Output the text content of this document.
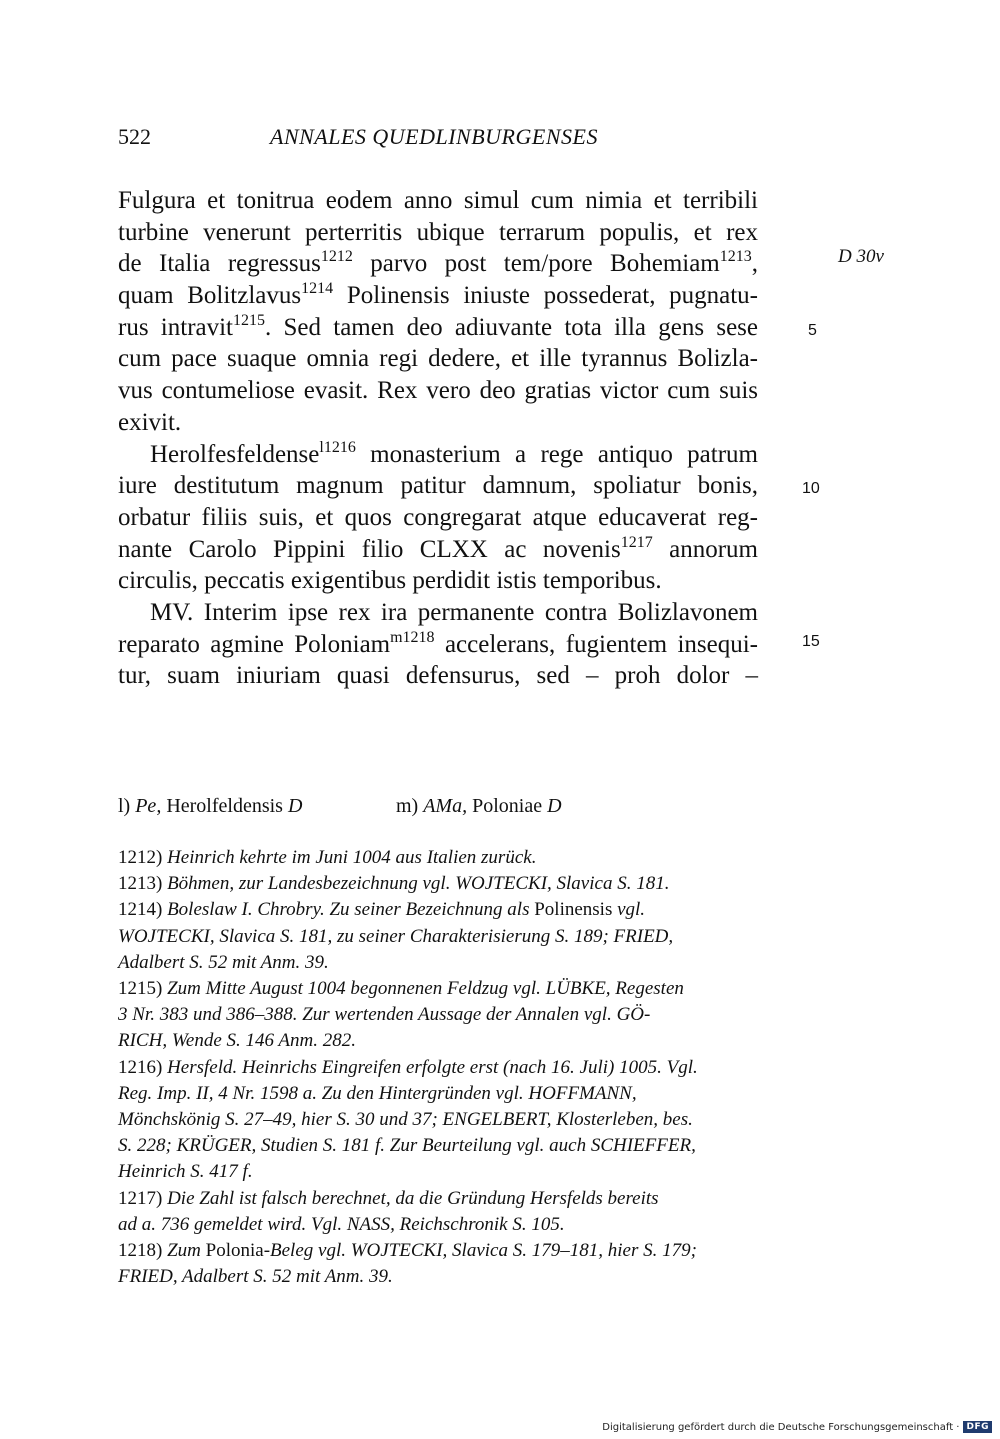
522	ANNALES QUEDLINBURGENSES
D 30v
5
10
15
Fulgura et tonitrua eodem anno simul cum nimia et terribili
turbine venerunt perterritis ubique terrarum populis, et rex
de Italia regressus$^{1212}$ parvo post tem/pore Bohemiam$^{1213}$,
quam Bolitzlavus$^{1214}$ Polinensis iniuste possederat, pugnatu-
rus intravit$^{1215}$. Sed tamen deo adiuvante tota illa gens sese
cum pace suaque omnia regi dedere, et ille tyrannus Bolizla-
vus contumeliose evasit. Rex vero deo gratias victor cum suis
exivit.
Herolfesfeldense$^{l1216}$ monasterium a rege antiquo patrum
iure destitutum magnum patitur damnum, spoliatur bonis,
orbatur filiis suis, et quos congregarat atque educaverat reg-
nante Carolo Pippini filio CLXX ac novenis$^{1217}$ annorum
circulis, peccatis exigentibus perdidit istis temporibus.
MV. Interim ipse rex ira permanente contra Bolizlavonem
reparato agmine Poloniam$^{m1218}$ accelerans, fugientem insequi-
tur, suam iniuriam quasi defensurus, sed – proh dolor –
l) Pe, Herolfeldensis D	m) AMa, Poloniae D
1212) Heinrich kehrte im Juni 1004 aus Italien zurück.
1213) Böhmen, zur Landesbezeichnung vgl. WOJTECKI, Slavica S. 181.
1214) Boleslaw I. Chrobry. Zu seiner Bezeichnung als Polinensis vgl.
WOJTECKI, Slavica S. 181, zu seiner Charakterisierung S. 189; FRIED,
Adalbert S. 52 mit Anm. 39.
1215) Zum Mitte August 1004 begonnenen Feldzug vgl. LÜBKE, Regesten
3 Nr. 383 und 386–388. Zur wertenden Aussage der Annalen vgl. GÖ-
RICH, Wende S. 146 Anm. 282.
1216) Hersfeld. Heinrichs Eingreifen erfolgte erst (nach 16. Juli) 1005. Vgl.
Reg. Imp. II, 4 Nr. 1598 a. Zu den Hintergründen vgl. HOFFMANN,
Mönchskönig S. 27–49, hier S. 30 und 37; ENGELBERT, Klosterleben, bes.
S. 228; KRÜGER, Studien S. 181 f. Zur Beurteilung vgl. auch SCHIEFFER,
Heinrich S. 417 f.
1217) Die Zahl ist falsch berechnet, da die Gründung Hersfelds bereits
ad a. 736 gemeldet wird. Vgl. NASS, Reichschronik S. 105.
1218) Zum Polonia-Beleg vgl. WOJTECKI, Slavica S. 179–181, hier S. 179;
FRIED, Adalbert S. 52 mit Anm. 39.
Digitalisierung gefördert durch die Deutsche Forschungsgemeinschaft · DFG
